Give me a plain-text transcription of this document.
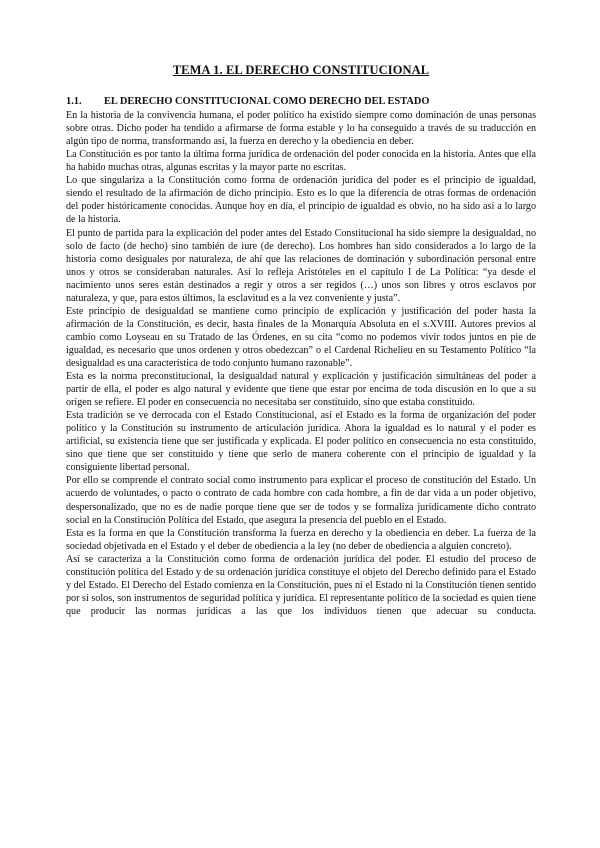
TEMA 1. EL DERECHO CONSTITUCIONAL
1.1.	EL DERECHO CONSTITUCIONAL COMO DERECHO DEL ESTADO

En la historia de la convivencia humana, el poder político ha existido siempre como dominación de unas personas sobre otras. Dicho poder ha tendido a afirmarse de forma estable y lo ha conseguido a través de su traducción en algún tipo de norma, transformando así, la fuerza en derecho y la obediencia en deber.

La Constitución es por tanto la última forma jurídica de ordenación del poder conocida en la historia. Antes que ella ha habido muchas otras, algunas escritas y la mayor parte no escritas.

Lo que singulariza a la Constitución como forma de ordenación jurídica del poder es el principio de igualdad, siendo el resultado de la afirmación de dicho principio. Esto es lo que la diferencia de otras formas de ordenación del poder históricamente conocidas. Aunque hoy en día, el principio de igualdad es obvio, no ha sido así a lo largo de la historia.

El punto de partida para la explicación del poder antes del Estado Constitucional ha sido siempre la desigualdad, no solo de facto (de hecho) sino también de iure (de derecho). Los hombres han sido considerados a lo largo de la historia como desiguales por naturaleza, de ahí que las relaciones de dominación y subordinación personal entre unos y otros se consideraban naturales. Así lo refleja Aristóteles en el capítulo I de La Política: “ya desde el nacimiento unos seres están destinados a regir y otros a ser regidos (…) unos son libres y otros esclavos por naturaleza, y que, para estos últimos, la esclavitud es a la vez conveniente y justa”.

Este principio de desigualdad se mantiene como principio de explicación y justificación del poder hasta la afirmación de la Constitución, es decir, hasta finales de la Monarquía Absoluta en el s.XVIII. Autores previos al cambio como Loyseau en su Tratado de las Órdenes, en su cita “como no podemos vivir todos juntos en pie de igualdad, es necesario que unos ordenen y otros obedezcan” o el Cardenal Richelieu en su Testamento Político “la desigualdad es una característica de todo conjunto humano razonable”.

Esta es la norma preconstitucional, la desigualdad natural y explicación y justificación simultáneas del poder a partir de ella, el poder es algo natural y evidente que tiene que estar por encima de toda discusión en lo que a su origen se refiere. El poder en consecuencia no necesitaba ser constituido, sino que estaba constituido.

Esta tradición se ve derrocada con el Estado Constitucional, así el Estado es la forma de organización del poder político y la Constitución su instrumento de articulación jurídica. Ahora la igualdad es lo natural y el poder es artificial, su existencia tiene que ser justificada y explicada. El poder político en consecuencia no esta constituido, sino que tiene que ser constituido y tiene que serlo de manera coherente con el principio de igualdad y la consiguiente libertad personal.

Por ello se comprende el contrato social como instrumento para explicar el proceso de constitución del Estado. Un acuerdo de voluntades, o pacto o contrato de cada hombre con cada hombre, a fin de dar vida a un poder objetivo, despersonalizado, que no es de nadie porque tiene que ser de todos y se formaliza jurídicamente dicho contrato social en la Constitución Política del Estado, que asegura la presencia del pueblo en el Estado.

Esta es la forma en que la Constitución transforma la fuerza en derecho y la obediencia en deber. La fuerza de la sociedad objetivada en el Estado y el deber de obediencia a la ley (no deber de obediencia a alguien concreto).

Así se caracteriza a la Constitución como forma de ordenación jurídica del poder. El estudio del proceso de constitución política del Estado y de su ordenación jurídica constituye el objeto del Derecho definido para el Estado y del Estado. El Derecho del Estado comienza en la Constitución, pues ni el Estado ni la Constitución tienen sentido por si solos, son instrumentos de seguridad política y jurídica. El representante político de la sociedad es quien tiene que producir las normas jurídicas a las que los individuos tienen que adecuar su conducta.
